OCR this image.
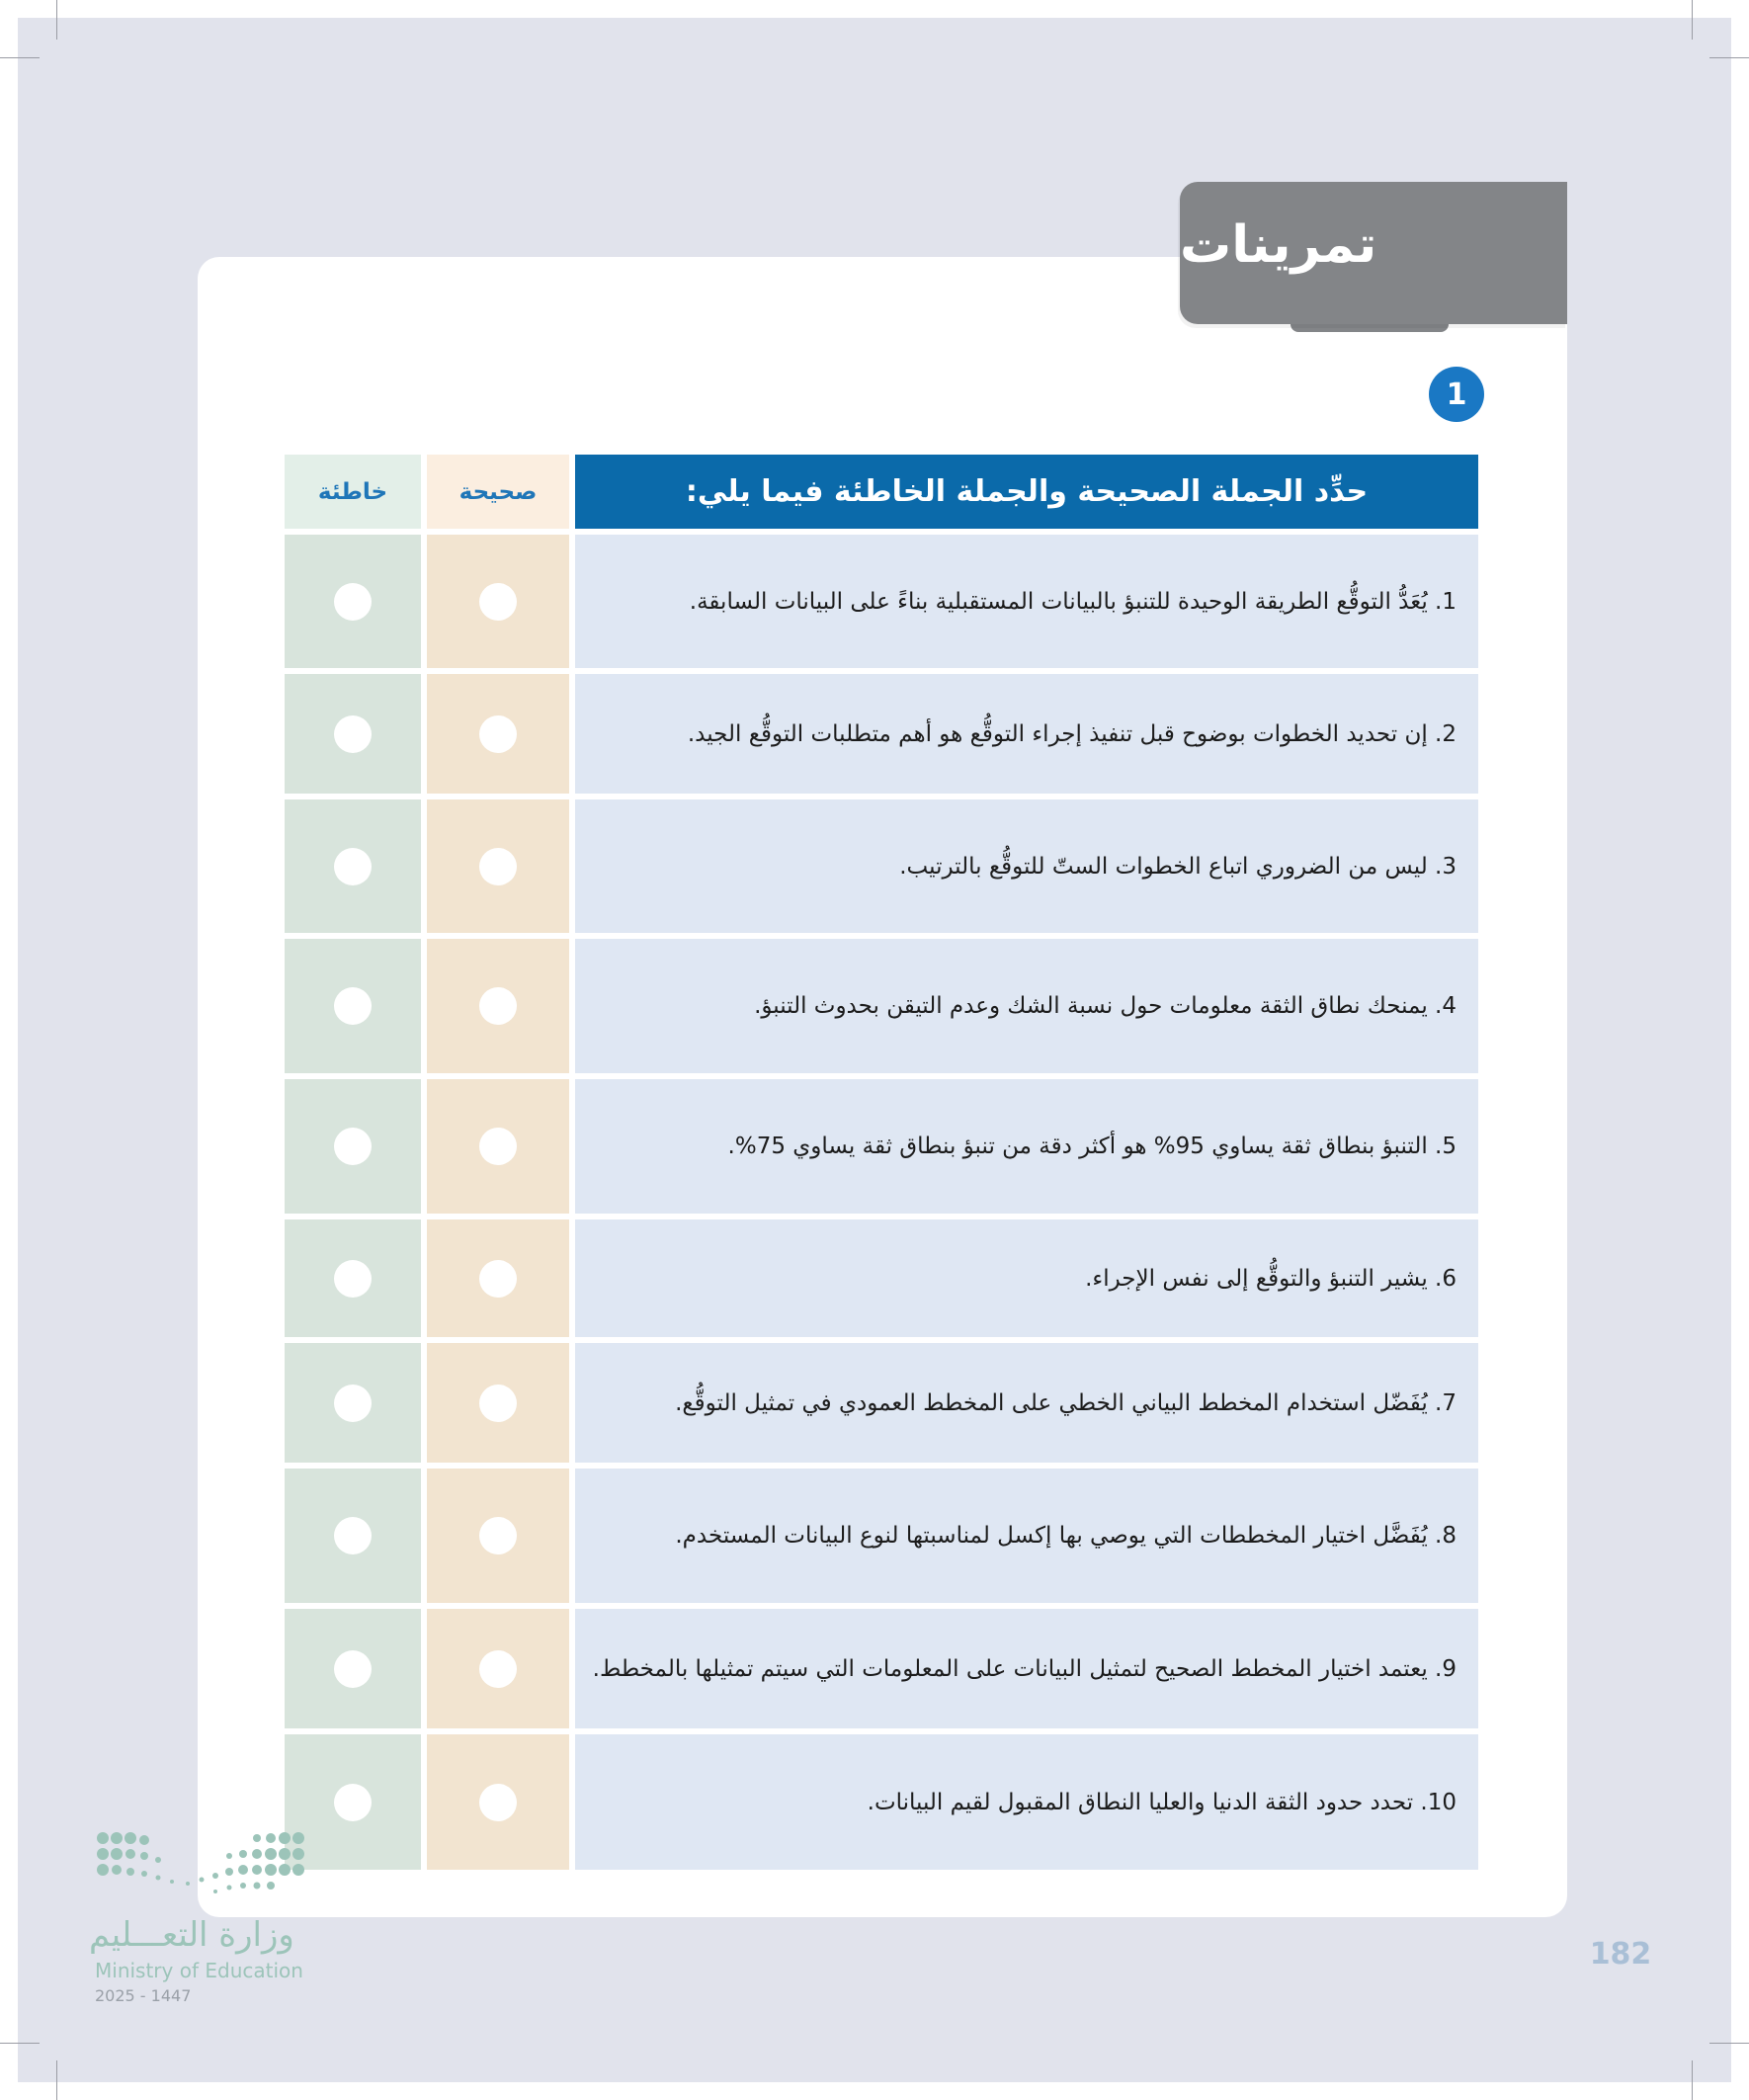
تمرينات
1
خاطئة	صحيحة	حدِّد الجملة الصحيحة والجملة الخاطئة فيما يلي:
1. يُعَدُّ التوقُّع الطريقة الوحيدة للتنبؤ بالبيانات المستقبلية بناءً على البيانات السابقة.
2. إن تحديد الخطوات بوضوح قبل تنفيذ إجراء التوقُّع هو أهم متطلبات التوقُّع الجيد.
3. ليس من الضروري اتباع الخطوات الستّ للتوقُّع بالترتيب.
4. يمنحك نطاق الثقة معلومات حول نسبة الشك وعدم التيقن بحدوث التنبؤ.
5. التنبؤ بنطاق ثقة يساوي 95% هو أكثر دقة من تنبؤ بنطاق ثقة يساوي 75%.
6. يشير التنبؤ والتوقُّع إلى نفس الإجراء.
7. يُفَضّل استخدام المخطط البياني الخطي على المخطط العمودي في تمثيل التوقُّع.
8. يُفَضَّل اختيار المخططات التي يوصي بها إكسل لمناسبتها لنوع البيانات المستخدم.
9. يعتمد اختيار المخطط الصحيح لتمثيل البيانات على المعلومات التي سيتم تمثيلها بالمخطط.
10. تحدد حدود الثقة الدنيا والعليا النطاق المقبول لقيم البيانات.
وزارة التعـــليم
Ministry of Education
2025 - 1447
182
